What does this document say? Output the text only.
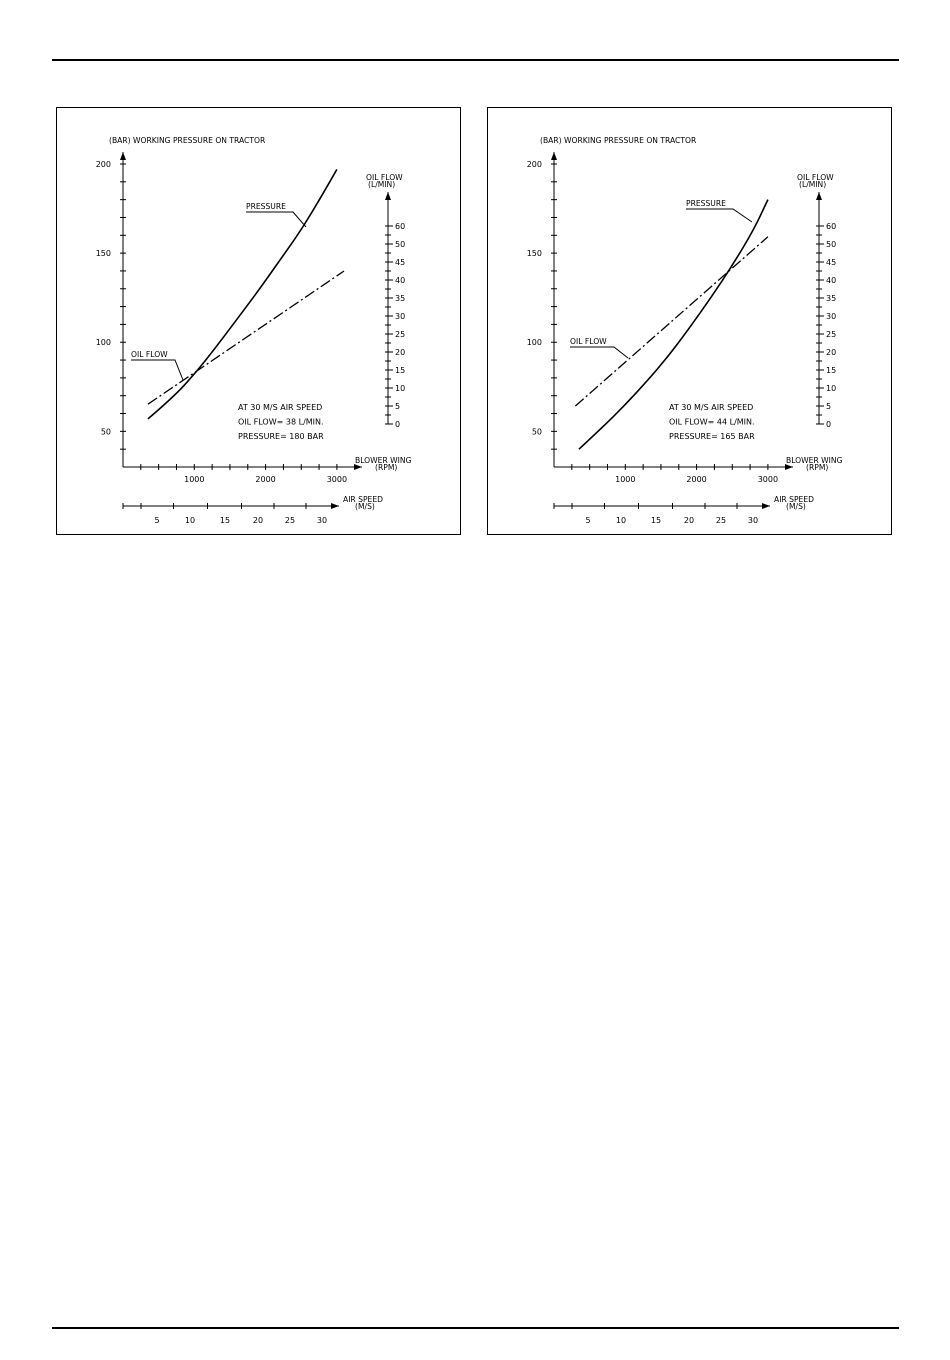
(BAR) WORKING PRESSURE ON TRACTOR
200
150
100
50
1000	2000	3000
BLOWER WING
(RPM)
5	10	15	20	25	30
AIR SPEED
(M/S)
60
50
45
40
35
30
25
20
15
10
5
0
OIL FLOW
(L/MIN)
PRESSURE
OIL FLOW
AT 30 M/S AIR SPEED
OIL FLOW= 38 L/MIN.
PRESSURE= 180 BAR
(BAR) WORKING PRESSURE ON TRACTOR
200
150
100
50
1000	2000	3000
BLOWER WING
(RPM)
5	10	15	20	25	30
AIR SPEED
(M/S)
60
50
45
40
35
30
25
20
15
10
5
0
OIL FLOW
(L/MIN)
PRESSURE
OIL FLOW
AT 30 M/S AIR SPEED
OIL FLOW= 44 L/MIN.
PRESSURE= 165 BAR
